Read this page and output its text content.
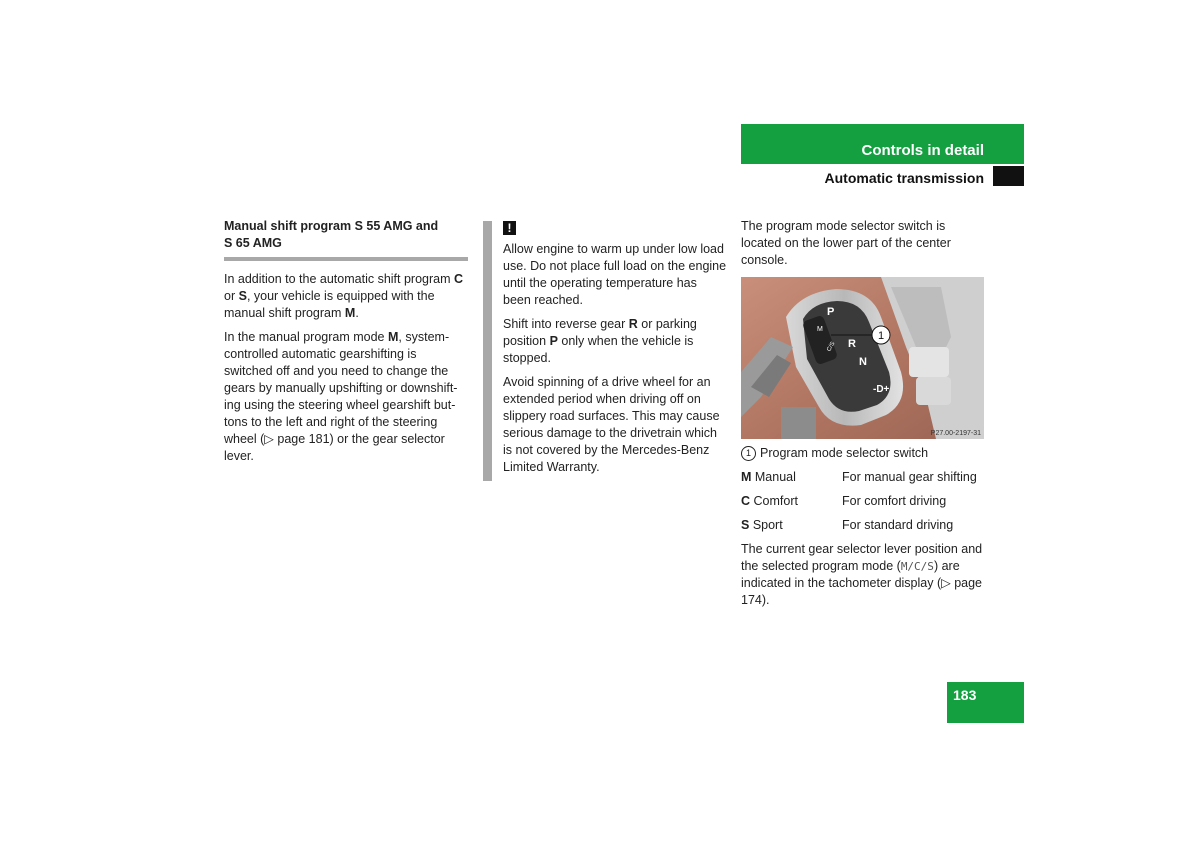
Controls in detail
Automatic transmission

Manual shift program S 55 AMG and
S 65 AMG

In addition to the automatic shift program C or S, your vehicle is equipped with the manual shift program M.

In the manual program mode M, system-controlled automatic gearshifting is switched off and you need to change the gears by manually upshifting or downshift-ing using the steering wheel gearshift but-tons to the left and right of the steering wheel (▷ page 181) or the gear selector lever.

!

Allow engine to warm up under low load use. Do not place full load on the engine until the operating temperature has been reached.

Shift into reverse gear R or parking position P only when the vehicle is stopped.

Avoid spinning of a drive wheel for an extended period when driving off on slippery road surfaces. This may cause serious damage to the drivetrain which is not covered by the Mercedes-Benz Limited Warranty.

The program mode selector switch is located on the lower part of the center console.

1
P
R
N
-D+
M
C/S
P27.00-2197-31

1 Program mode selector switch

M Manual	For manual gear shifting
C Comfort	For comfort driving
S Sport	For standard driving

The current gear selector lever position and the selected program mode (M/C/S) are indicated in the tachometer display (▷ page 174).

183
